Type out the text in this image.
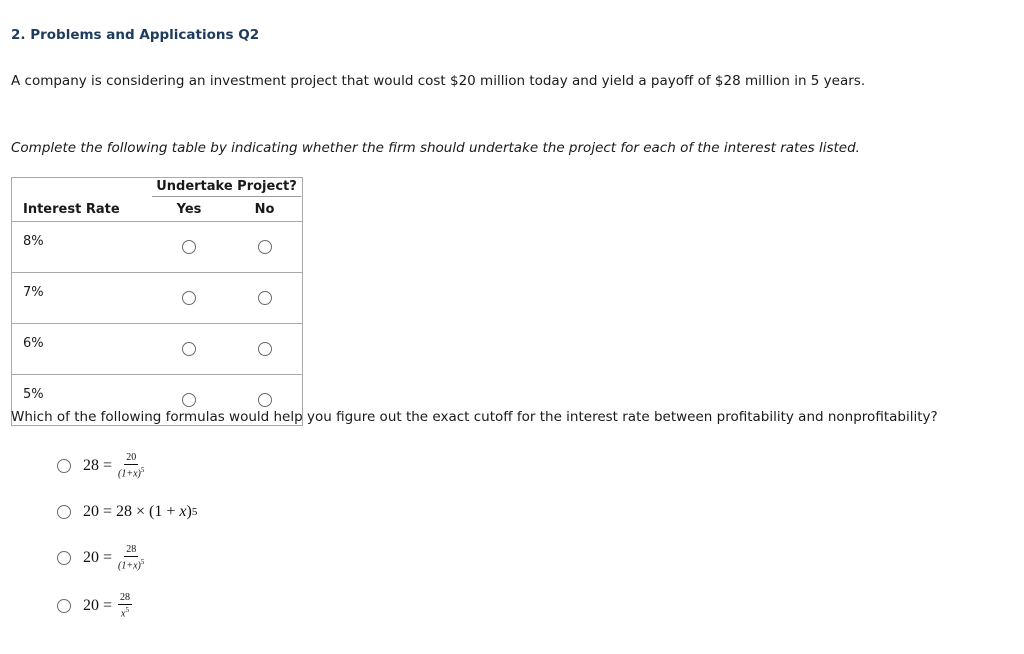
2. Problems and Applications Q2
A company is considering an investment project that would cost $20 million today and yield a payoff of $28 million in 5 years.
Complete the following table by indicating whether the firm should undertake the project for each of the interest rates listed.
	Undertake Project?	
Interest Rate	Yes	No
8%		
7%		
6%		
5%		
Which of the following formulas would help you figure out the exact cutoff for the interest rate between profitability and nonprofitability?
$28 = \frac{20}{(1+x)^5}$
20 = 28 × (1 + x ) 5
$20 = \frac{28}{(1+x)^5}$
$20 = \frac{28}{x^5}$
